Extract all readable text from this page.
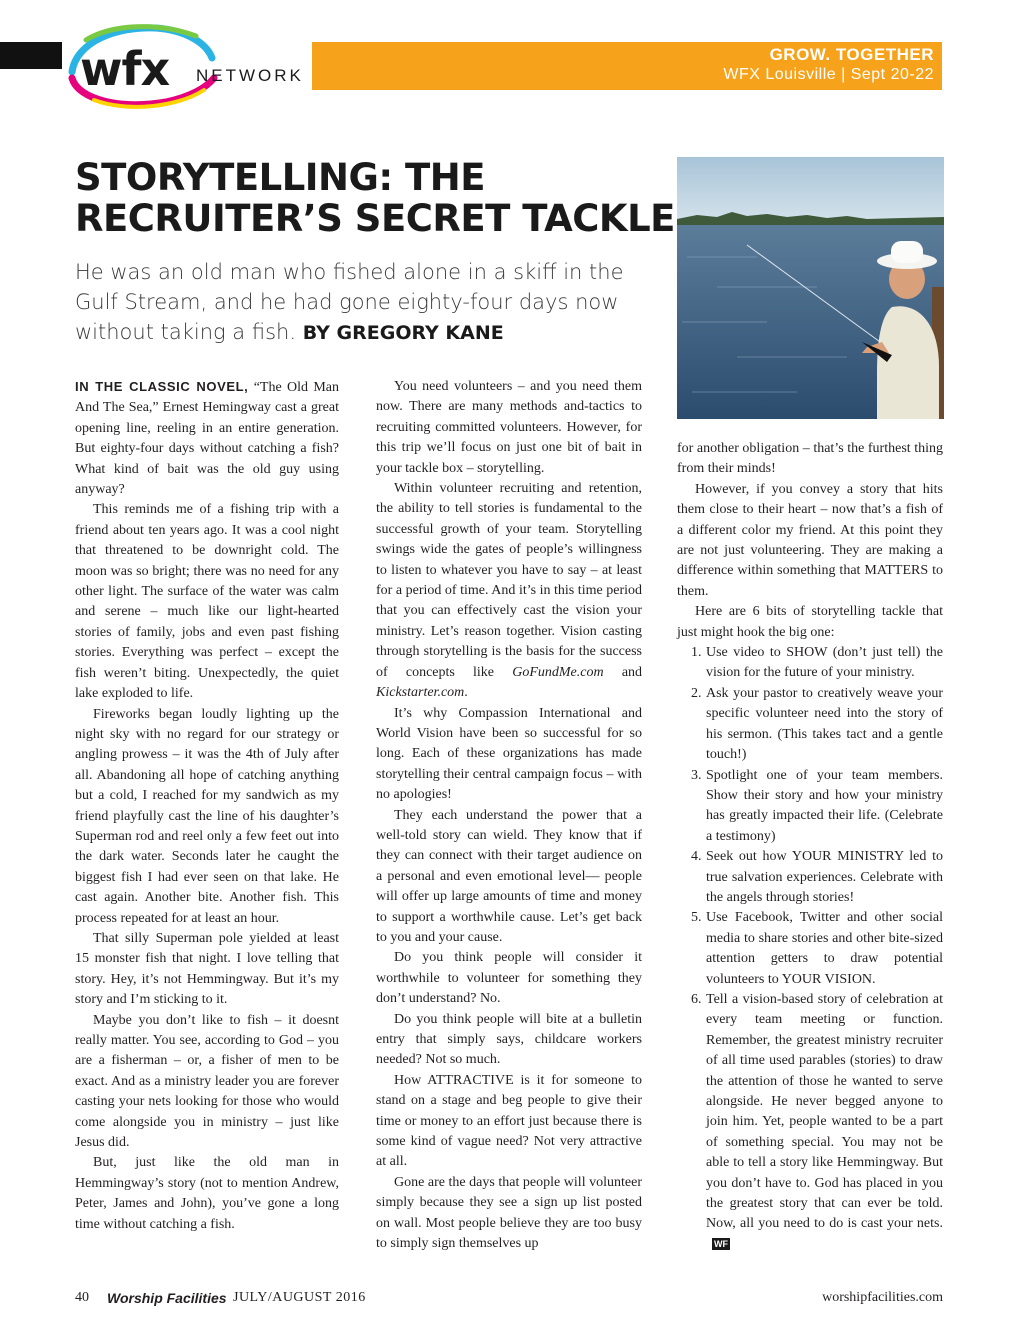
wfx NETWORK
GROW. TOGETHER
WFX Louisville | Sept 20-22
STORYTELLING: THE
RECRUITER’S SECRET TACKLE
He was an old man who fished alone in a skiff in the Gulf Stream, and he had gone eighty-four days now without taking a fish. BY GREGORY KANE

IN THE CLASSIC NOVEL, “The Old Man And The Sea,” Ernest Hemingway cast a great opening line, reeling in an entire generation. But eighty-four days without catching a fish? What kind of bait was the old guy using anyway?

This reminds me of a fishing trip with a friend about ten years ago. It was a cool night that threatened to be downright cold. The moon was so bright; there was no need for any other light. The surface of the water was calm and serene – much like our light-hearted stories of family, jobs and even past fishing stories. Everything was perfect – except the fish weren’t biting. Unexpectedly, the quiet lake exploded to life.

Fireworks began loudly lighting up the night sky with no regard for our strategy or angling prowess – it was the 4th of July after all. Abandoning all hope of catching anything but a cold, I reached for my sandwich as my friend playfully cast the line of his daughter’s Superman rod and reel only a few feet out into the dark water. Seconds later he caught the biggest fish I had ever seen on that lake. He cast again. Another bite. Another fish. This process repeated for at least an hour.

That silly Superman pole yielded at least 15 monster fish that night. I love telling that story. Hey, it’s not Hemmingway. But it’s my story and I’m sticking to it.

Maybe you don’t like to fish – it doesnt really matter. You see, according to God – you are a fisherman – or, a fisher of men to be exact. And as a ministry leader you are forever casting your nets looking for those who would come alongside you in ministry – just like Jesus did.

But, just like the old man in Hemmingway’s story (not to mention Andrew, Peter, James and John), you’ve gone a long time without catching a fish.

You need volunteers – and you need them now. There are many methods and-tactics to recruiting committed volunteers. However, for this trip we’ll focus on just one bit of bait in your tackle box – storytelling.

Within volunteer recruiting and retention, the ability to tell stories is fundamental to the successful growth of your team. Storytelling swings wide the gates of people’s willingness to listen to whatever you have to say – at least for a period of time. And it’s in this time period that you can effectively cast the vision your ministry. Let’s reason together. Vision casting through storytelling is the basis for the success of concepts like GoFundMe.com and Kickstarter.com.

It’s why Compassion International and World Vision have been so successful for so long. Each of these organizations has made storytelling their central campaign focus – with no apologies!

They each understand the power that a well-told story can wield. They know that if they can connect with their target audience on a personal and even emotional level— people will offer up large amounts of time and money to support a worthwhile cause. Let’s get back to you and your cause.

Do you think people will consider it worthwhile to volunteer for something they don’t understand? No.

Do you think people will bite at a bulletin entry that simply says, childcare workers needed? Not so much.

How ATTRACTIVE is it for someone to stand on a stage and beg people to give their time or money to an effort just because there is some kind of vague need? Not very attractive at all.

Gone are the days that people will volunteer simply because they see a sign up list posted on wall. Most people believe they are too busy to simply sign themselves up

for another obligation – that’s the furthest thing from their minds!

However, if you convey a story that hits them close to their heart – now that’s a fish of a different color my friend. At this point they are not just volunteering. They are making a difference within something that MATTERS to them.

Here are 6 bits of storytelling tackle that just might hook the big one:

1. Use video to SHOW (don’t just tell) the vision for the future of your ministry.
2. Ask your pastor to creatively weave your specific volunteer need into the story of his sermon. (This takes tact and a gentle touch!)
3. Spotlight one of your team members. Show their story and how your ministry has greatly impacted their life. (Celebrate a testimony)
4. Seek out how YOUR MINISTRY led to true salvation experiences. Celebrate with the angels through stories!
5. Use Facebook, Twitter and other social media to share stories and other bite-sized attention getters to draw potential volunteers to YOUR VISION.
6. Tell a vision-based story of celebration at every team meeting or function. Remember, the greatest ministry recruiter of all time used parables (stories) to draw the attention of those he wanted to serve alongside. He never begged anyone to join him. Yet, people wanted to be a part of something special. You may not be able to tell a story like Hemmingway. But you don’t have to. God has placed in you the greatest story that can ever be told. Now, all you need to do is cast your nets.WF
40 Worship Facilities JULY/AUGUST 2016	worshipfacilities.com
